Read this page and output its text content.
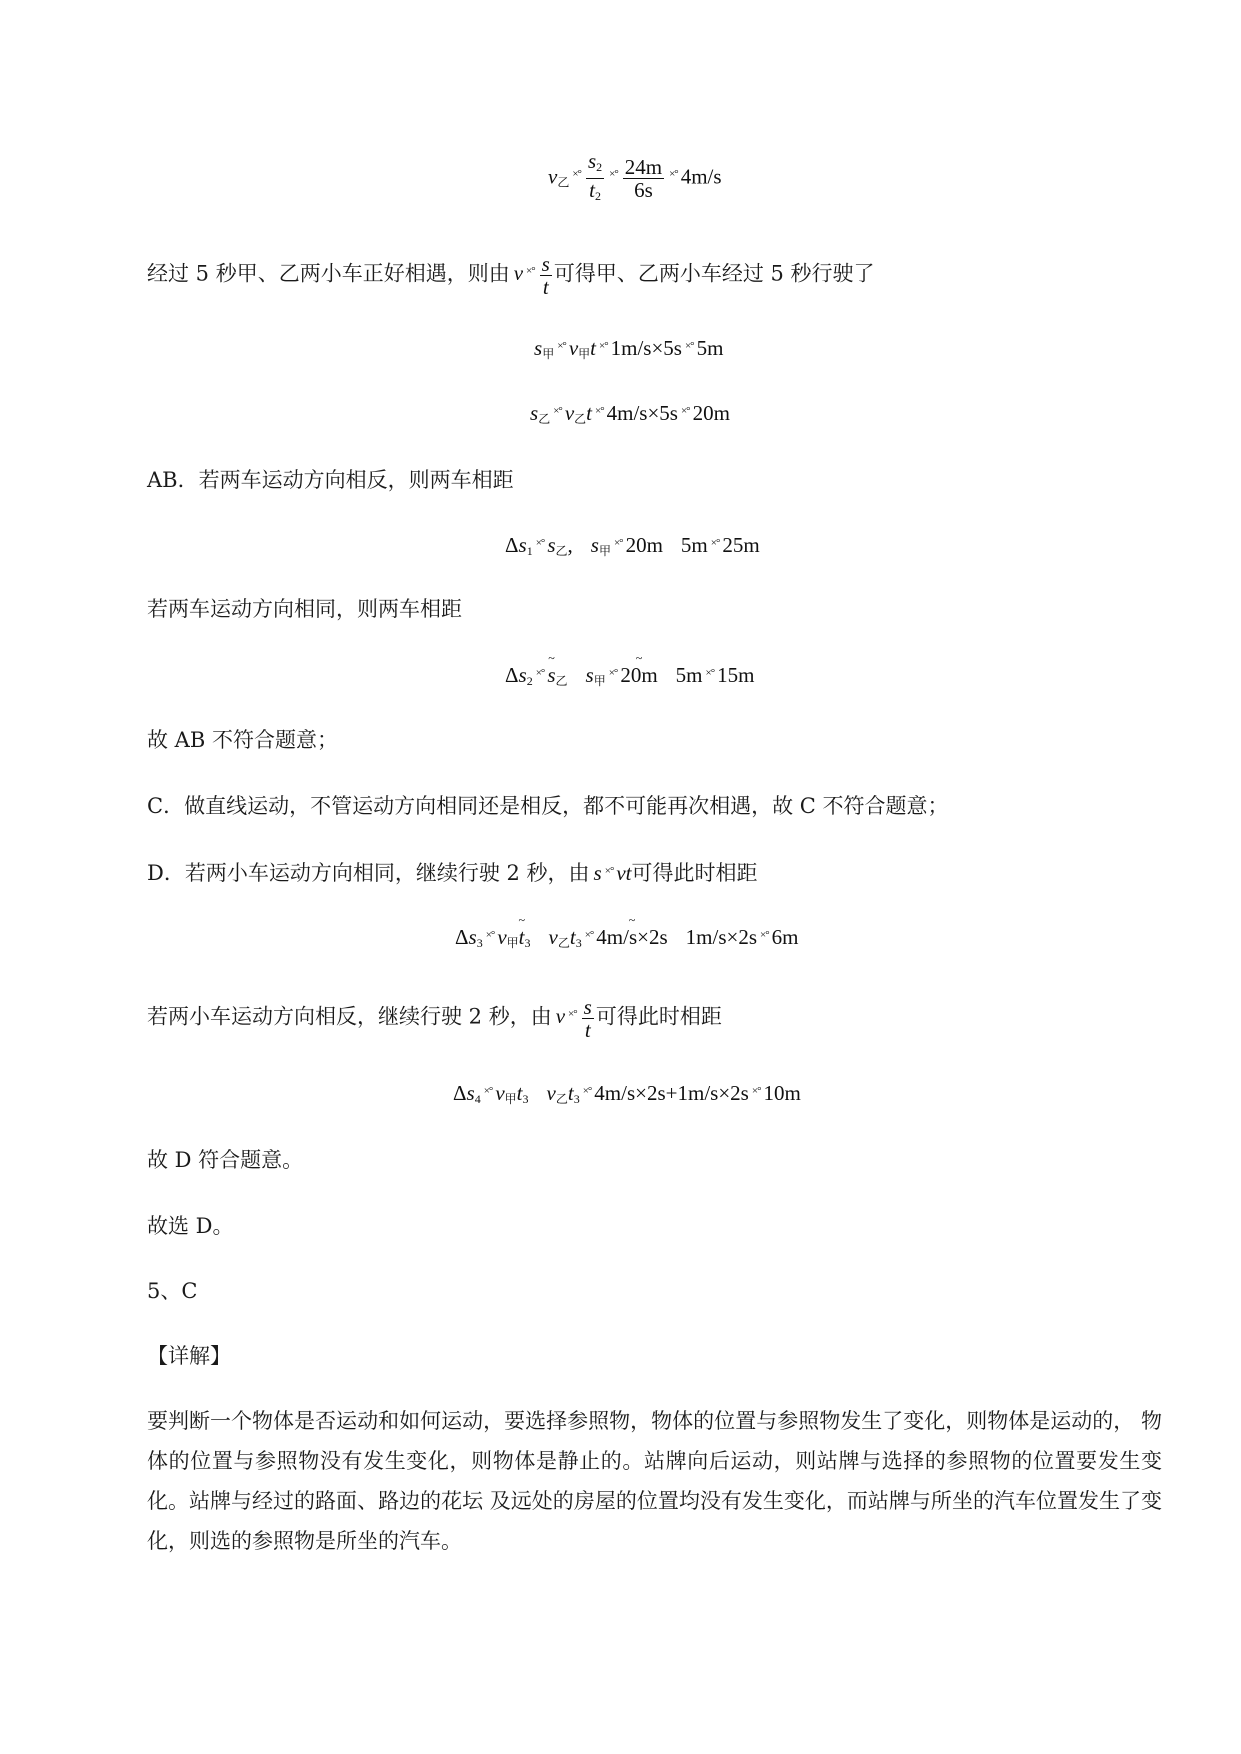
$v_乙^{\times^\circ} \frac{s_2}{t_2} ^{\times^\circ} \frac{24m}{6s} ^{\times^\circ}$ 4m/s
经过 5 秒甲、乙两小车正好相遇，则由 v $^{\times^\circ} \frac{s}{t}$ 可得甲、乙两小车经过 5 秒行驶了
$s_甲^{\times^\circ}$ $v_甲t$ ×° 1m/s×5s ×° 5m
$s_乙^{\times^\circ}$ $v_乙t$ ×° 4m/s×5s ×° 20m
AB．若两车运动方向相反，则两车相距
$\Delta s_1^{\times^\circ}$ $s_乙$, $s_甲^{\times^\circ}$ 20m 5m ×° 25m
若两车运动方向相同，则两车相距
$\Delta s_2^{\times^\circ}$ s $\sim_乙$ $s_甲^{\times^\circ}$ 20m ~ 5m ×° 15m
故 AB 不符合题意；
C．做直线运动，不管运动方向相同还是相反，都不可能再次相遇，故 C 不符合题意；
D．若两小车运动方向相同，继续行驶 2 秒，由 s ×° vt可得此时相距
$\Delta s_3^{\times^\circ}$ $v_甲t$ $\sim_3$ $v_乙t_3^{\times^\circ}$ 4m/s×2s ~ 1m/s×2s ×° 6m
若两小车运动方向相反，继续行驶 2 秒，由 v $^{\times^\circ} \frac{s}{t}$ 可得此时相距
$\Delta s_4^{\times^\circ}$ $v_甲t_3$ $v_乙t_3^{\times^\circ}$ 4m/s×2s+1m/s×2s ×° 10m
故 D 符合题意。
故选 D。
5、C
【详解】
要判断一个物体是否运动和如何运动，要选择参照物，物体的位置与参照物发生了变化，则物体是运动的， 物体的位置与参照物没有发生变化，则物体是静止的。站牌向后运动，则站牌与选择的参照物的位置要发生变化。站牌与经过的路面、路边的花坛 及远处的房屋的位置均没有发生变化，而站牌与所坐的汽车位置发生了变化，则选的参照物是所坐的汽车。
